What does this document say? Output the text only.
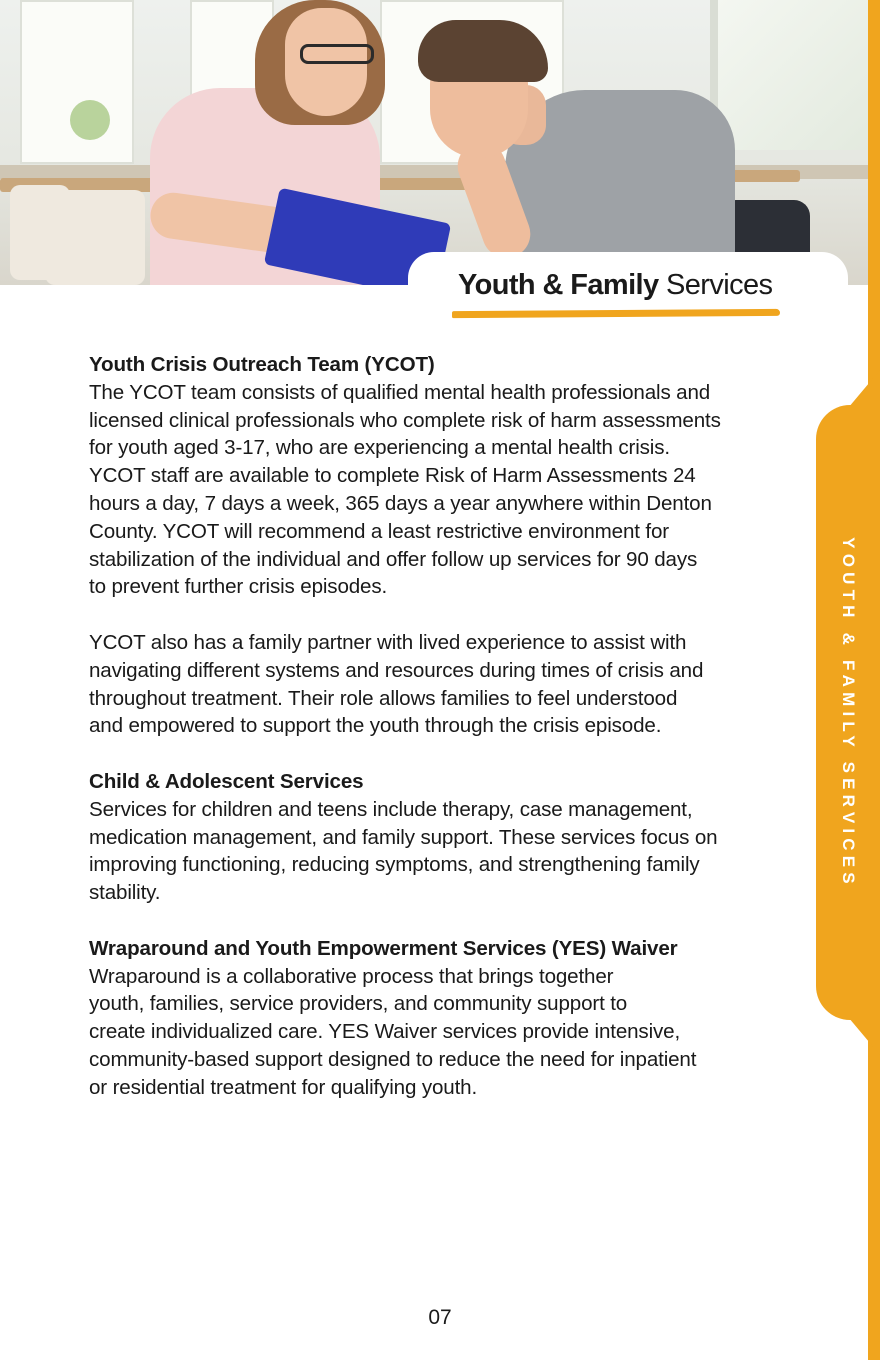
Youth & Family Services
YOUTH & FAMILY SERVICES
Youth Crisis Outreach Team (YCOT)

The YCOT team consists of qualified mental health professionals and
licensed clinical professionals who complete risk of harm assessments
for youth aged 3-17, who are experiencing a mental health crisis.
YCOT staff are available to complete Risk of Harm Assessments 24
hours a day, 7 days a week, 365 days a year anywhere within Denton
County. YCOT will recommend a least restrictive environment for
stabilization of the individual and offer follow up services for 90 days
to prevent further crisis episodes.

YCOT also has a family partner with lived experience to assist with
navigating different systems and resources during times of crisis and
throughout treatment. Their role allows families to feel understood
and empowered to support the youth through the crisis episode.

Child & Adolescent Services

Services for children and teens include therapy, case management,
medication management, and family support. These services focus on
improving functioning, reducing symptoms, and strengthening family
stability.

Wraparound and Youth Empowerment Services (YES) Waiver

Wraparound is a collaborative process that brings together
youth, families, service providers, and community support to
create individualized care. YES Waiver services provide intensive,
community-based support designed to reduce the need for inpatient
or residential treatment for qualifying youth.

07
